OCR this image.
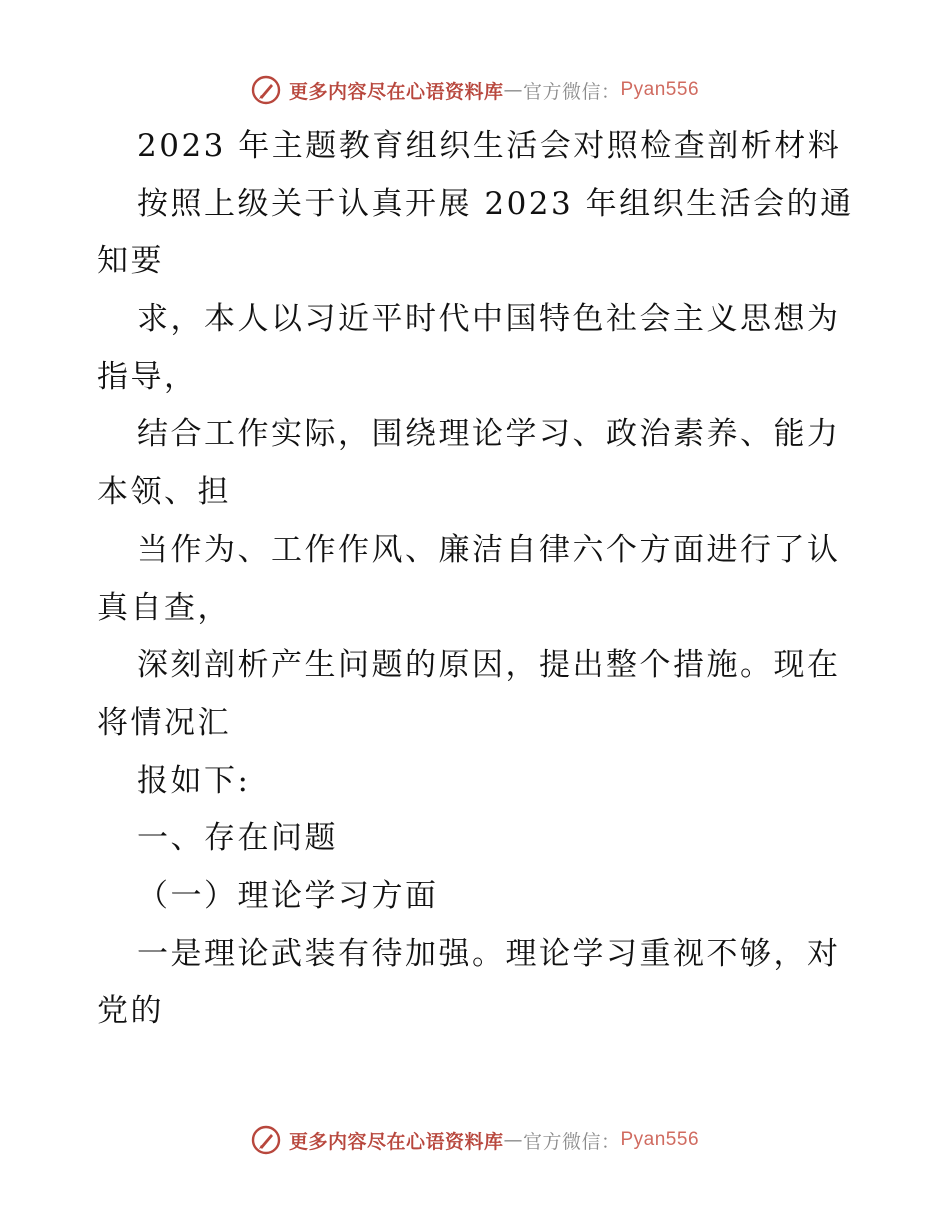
更多内容尽在心语资料库 — 官方微信： Pyan556
2023 年主题教育组织生活会对照检查剖析材料
按照上级关于认真开展 2023 年组织生活会的通
知要
求，本人以习近平时代中国特色社会主义思想为
指导，
结合工作实际，围绕理论学习、政治素养、能力
本领、担
当作为、工作作风、廉洁自律六个方面进行了认
真自查，
深刻剖析产生问题的原因，提出整个措施。现在
将情况汇
报如下:
一、存在问题
（一）理论学习方面
一是理论武装有待加强。理论学习重视不够，对
党的
更多内容尽在心语资料库 — 官方微信： Pyan556
